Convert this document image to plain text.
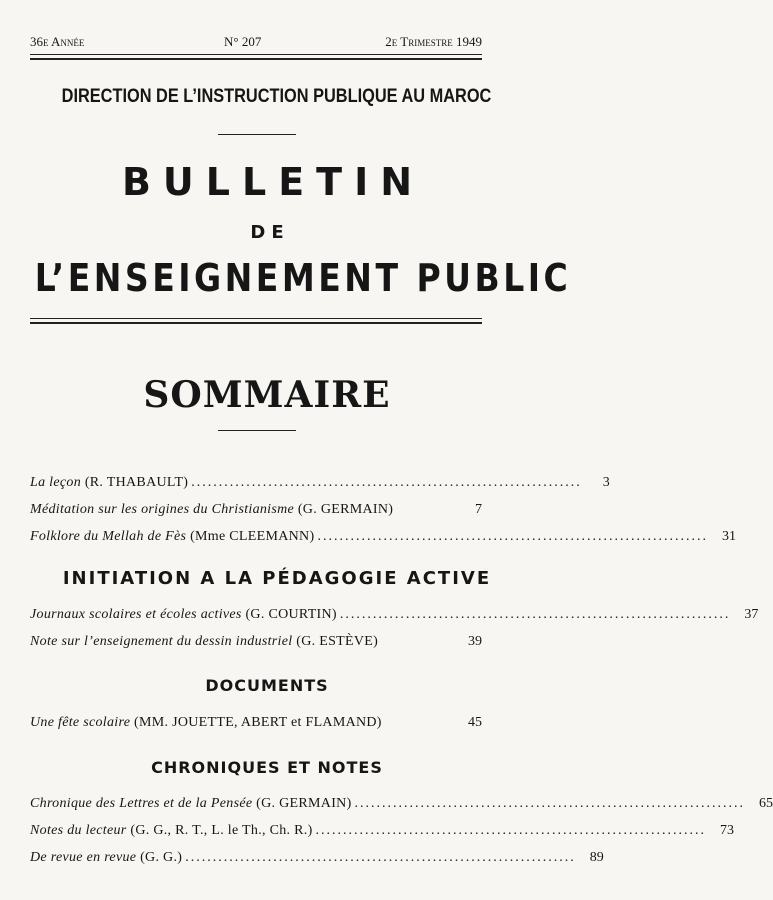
36e Année	N° 207	2e Trimestre 1949
DIRECTION DE L’INSTRUCTION PUBLIQUE AU MAROC
BULLETIN
DE
L’ENSEIGNEMENT PUBLIC
SOMMAIRE
La leçon (R. THABAULT) .......................................................................	3
Méditation sur les origines du Christianisme (G. GERMAIN)	7
Folklore du Mellah de Fès (Mme CLEEMANN) .......................................................................	31
INITIATION A LA PÉDAGOGIE ACTIVE
Journaux scolaires et écoles actives (G. COURTIN) .......................................................................	37
Note sur l’enseignement du dessin industriel (G. ESTÈVE)	39
DOCUMENTS
Une fête scolaire (MM. JOUETTE, ABERT et FLAMAND)	45
CHRONIQUES ET NOTES
Chronique des Lettres et de la Pensée (G. GERMAIN) .......................................................................	65
Notes du lecteur (G. G., R. T., L. le Th., Ch. R.) .......................................................................	73
De revue en revue (G. G.) .......................................................................	89
